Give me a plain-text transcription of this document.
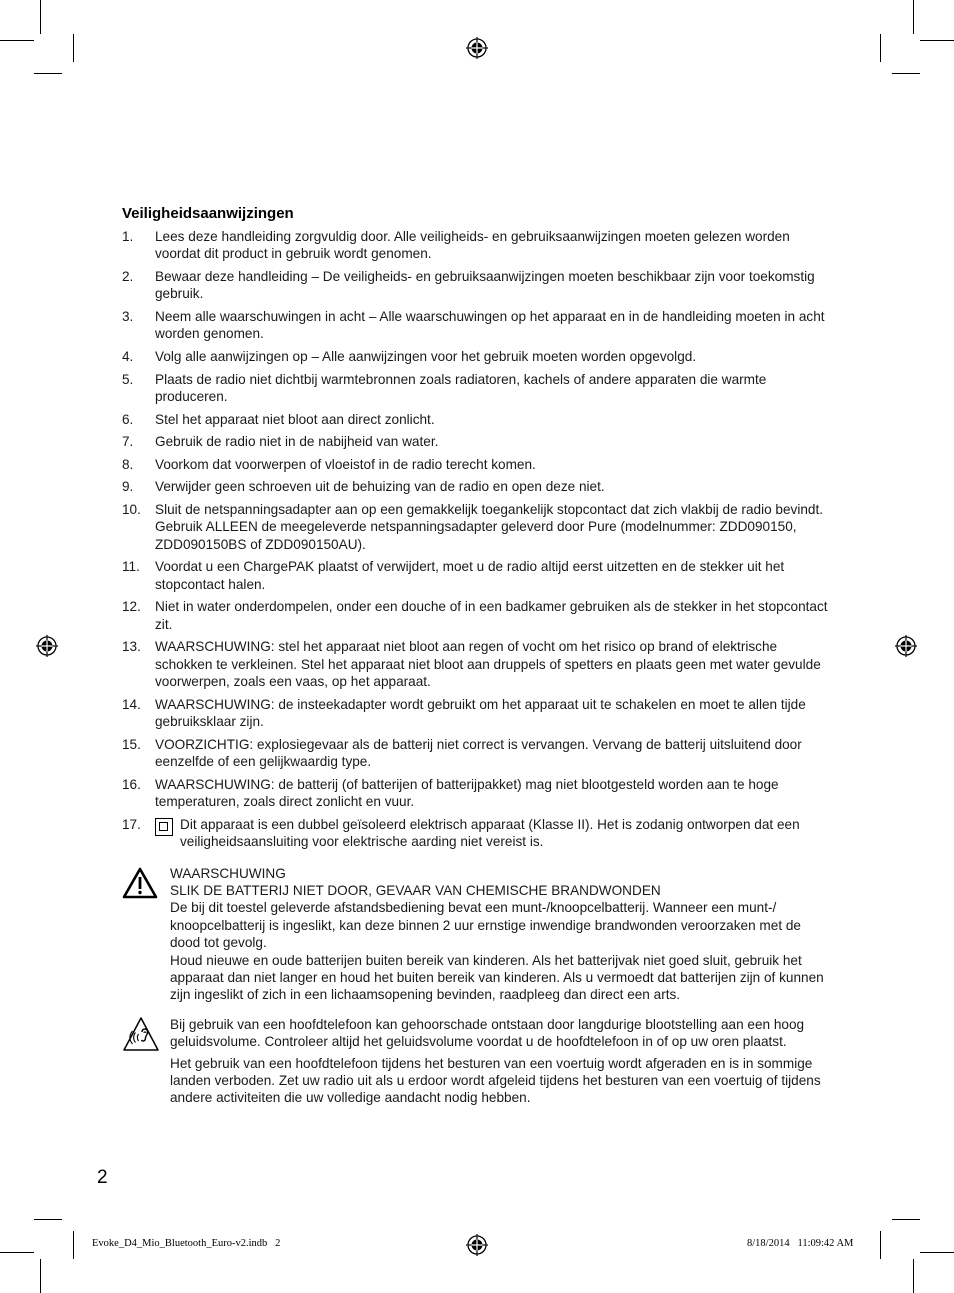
Veiligheidsaanwijzingen
1. Lees deze handleiding zorgvuldig door. Alle veiligheids- en gebruiksaanwijzingen moeten gelezen worden voordat dit product in gebruik wordt genomen.
2. Bewaar deze handleiding – De veiligheids- en gebruiksaanwijzingen moeten beschikbaar zijn voor toekomstig gebruik.
3. Neem alle waarschuwingen in acht – Alle waarschuwingen op het apparaat en in de handleiding moeten in acht worden genomen.
4. Volg alle aanwijzingen op – Alle aanwijzingen voor het gebruik moeten worden opgevolgd.
5. Plaats de radio niet dichtbij warmtebronnen zoals radiatoren, kachels of andere apparaten die warmte produceren.
6. Stel het apparaat niet bloot aan direct zonlicht.
7. Gebruik de radio niet in de nabijheid van water.
8. Voorkom dat voorwerpen of vloeistof in de radio terecht komen.
9. Verwijder geen schroeven uit de behuizing van de radio en open deze niet.
10. Sluit de netspanningsadapter aan op een gemakkelijk toegankelijk stopcontact dat zich vlakbij de radio bevindt. Gebruik ALLEEN de meegeleverde netspanningsadapter geleverd door Pure (modelnummer: ZDD090150, ZDD090150BS of ZDD090150AU).
11. Voordat u een ChargePAK plaatst of verwijdert, moet u de radio altijd eerst uitzetten en de stekker uit het stopcontact halen.
12. Niet in water onderdompelen, onder een douche of in een badkamer gebruiken als de stekker in het stopcontact zit.
13. WAARSCHUWING: stel het apparaat niet bloot aan regen of vocht om het risico op brand of elektrische schokken te verkleinen. Stel het apparaat niet bloot aan druppels of spetters en plaats geen met water gevulde voorwerpen, zoals een vaas, op het apparaat.
14. WAARSCHUWING: de insteekadapter wordt gebruikt om het apparaat uit te schakelen en moet te allen tijde gebruiksklaar zijn.
15. VOORZICHTIG: explosiegevaar als de batterij niet correct is vervangen. Vervang de batterij uitsluitend door eenzelfde of een gelijkwaardig type.
16. WAARSCHUWING: de batterij (of batterijen of batterijpakket) mag niet blootgesteld worden aan te hoge temperaturen, zoals direct zonlicht en vuur.
17.	Dit apparaat is een dubbel geïsoleerd elektrisch apparaat (Klasse II). Het is zodanig ontworpen dat een veiligheidsaansluiting voor elektrische aarding niet vereist is.

WAARSCHUWING

SLIK DE BATTERIJ NIET DOOR, GEVAAR VAN CHEMISCHE BRANDWONDEN

De bij dit toestel geleverde afstandsbediening bevat een munt-/knoopcelbatterij. Wanneer een munt-/ knoopcelbatterij is ingeslikt, kan deze binnen 2 uur ernstige inwendige brandwonden veroorzaken met de dood tot gevolg.

Houd nieuwe en oude batterijen buiten bereik van kinderen. Als het batterijvak niet goed sluit, gebruik het apparaat dan niet langer en houd het buiten bereik van kinderen. Als u vermoedt dat batterijen zijn of kunnen zijn ingeslikt of zich in een lichaamsopening bevinden, raadpleeg dan direct een arts.

Bij gebruik van een hoofdtelefoon kan gehoorschade ontstaan door langdurige blootstelling aan een hoog geluidsvolume. Controleer altijd het geluidsvolume voordat u de hoofdtelefoon in of op uw oren plaatst.

Het gebruik van een hoofdtelefoon tijdens het besturen van een voertuig wordt afgeraden en is in sommige landen verboden. Zet uw radio uit als u erdoor wordt afgeleid tijdens het besturen van een voertuig of tijdens andere activiteiten die uw volledige aandacht nodig hebben.

2
Evoke_D4_Mio_Bluetooth_Euro-v2.indb   2	8/18/2014   11:09:42 AM
